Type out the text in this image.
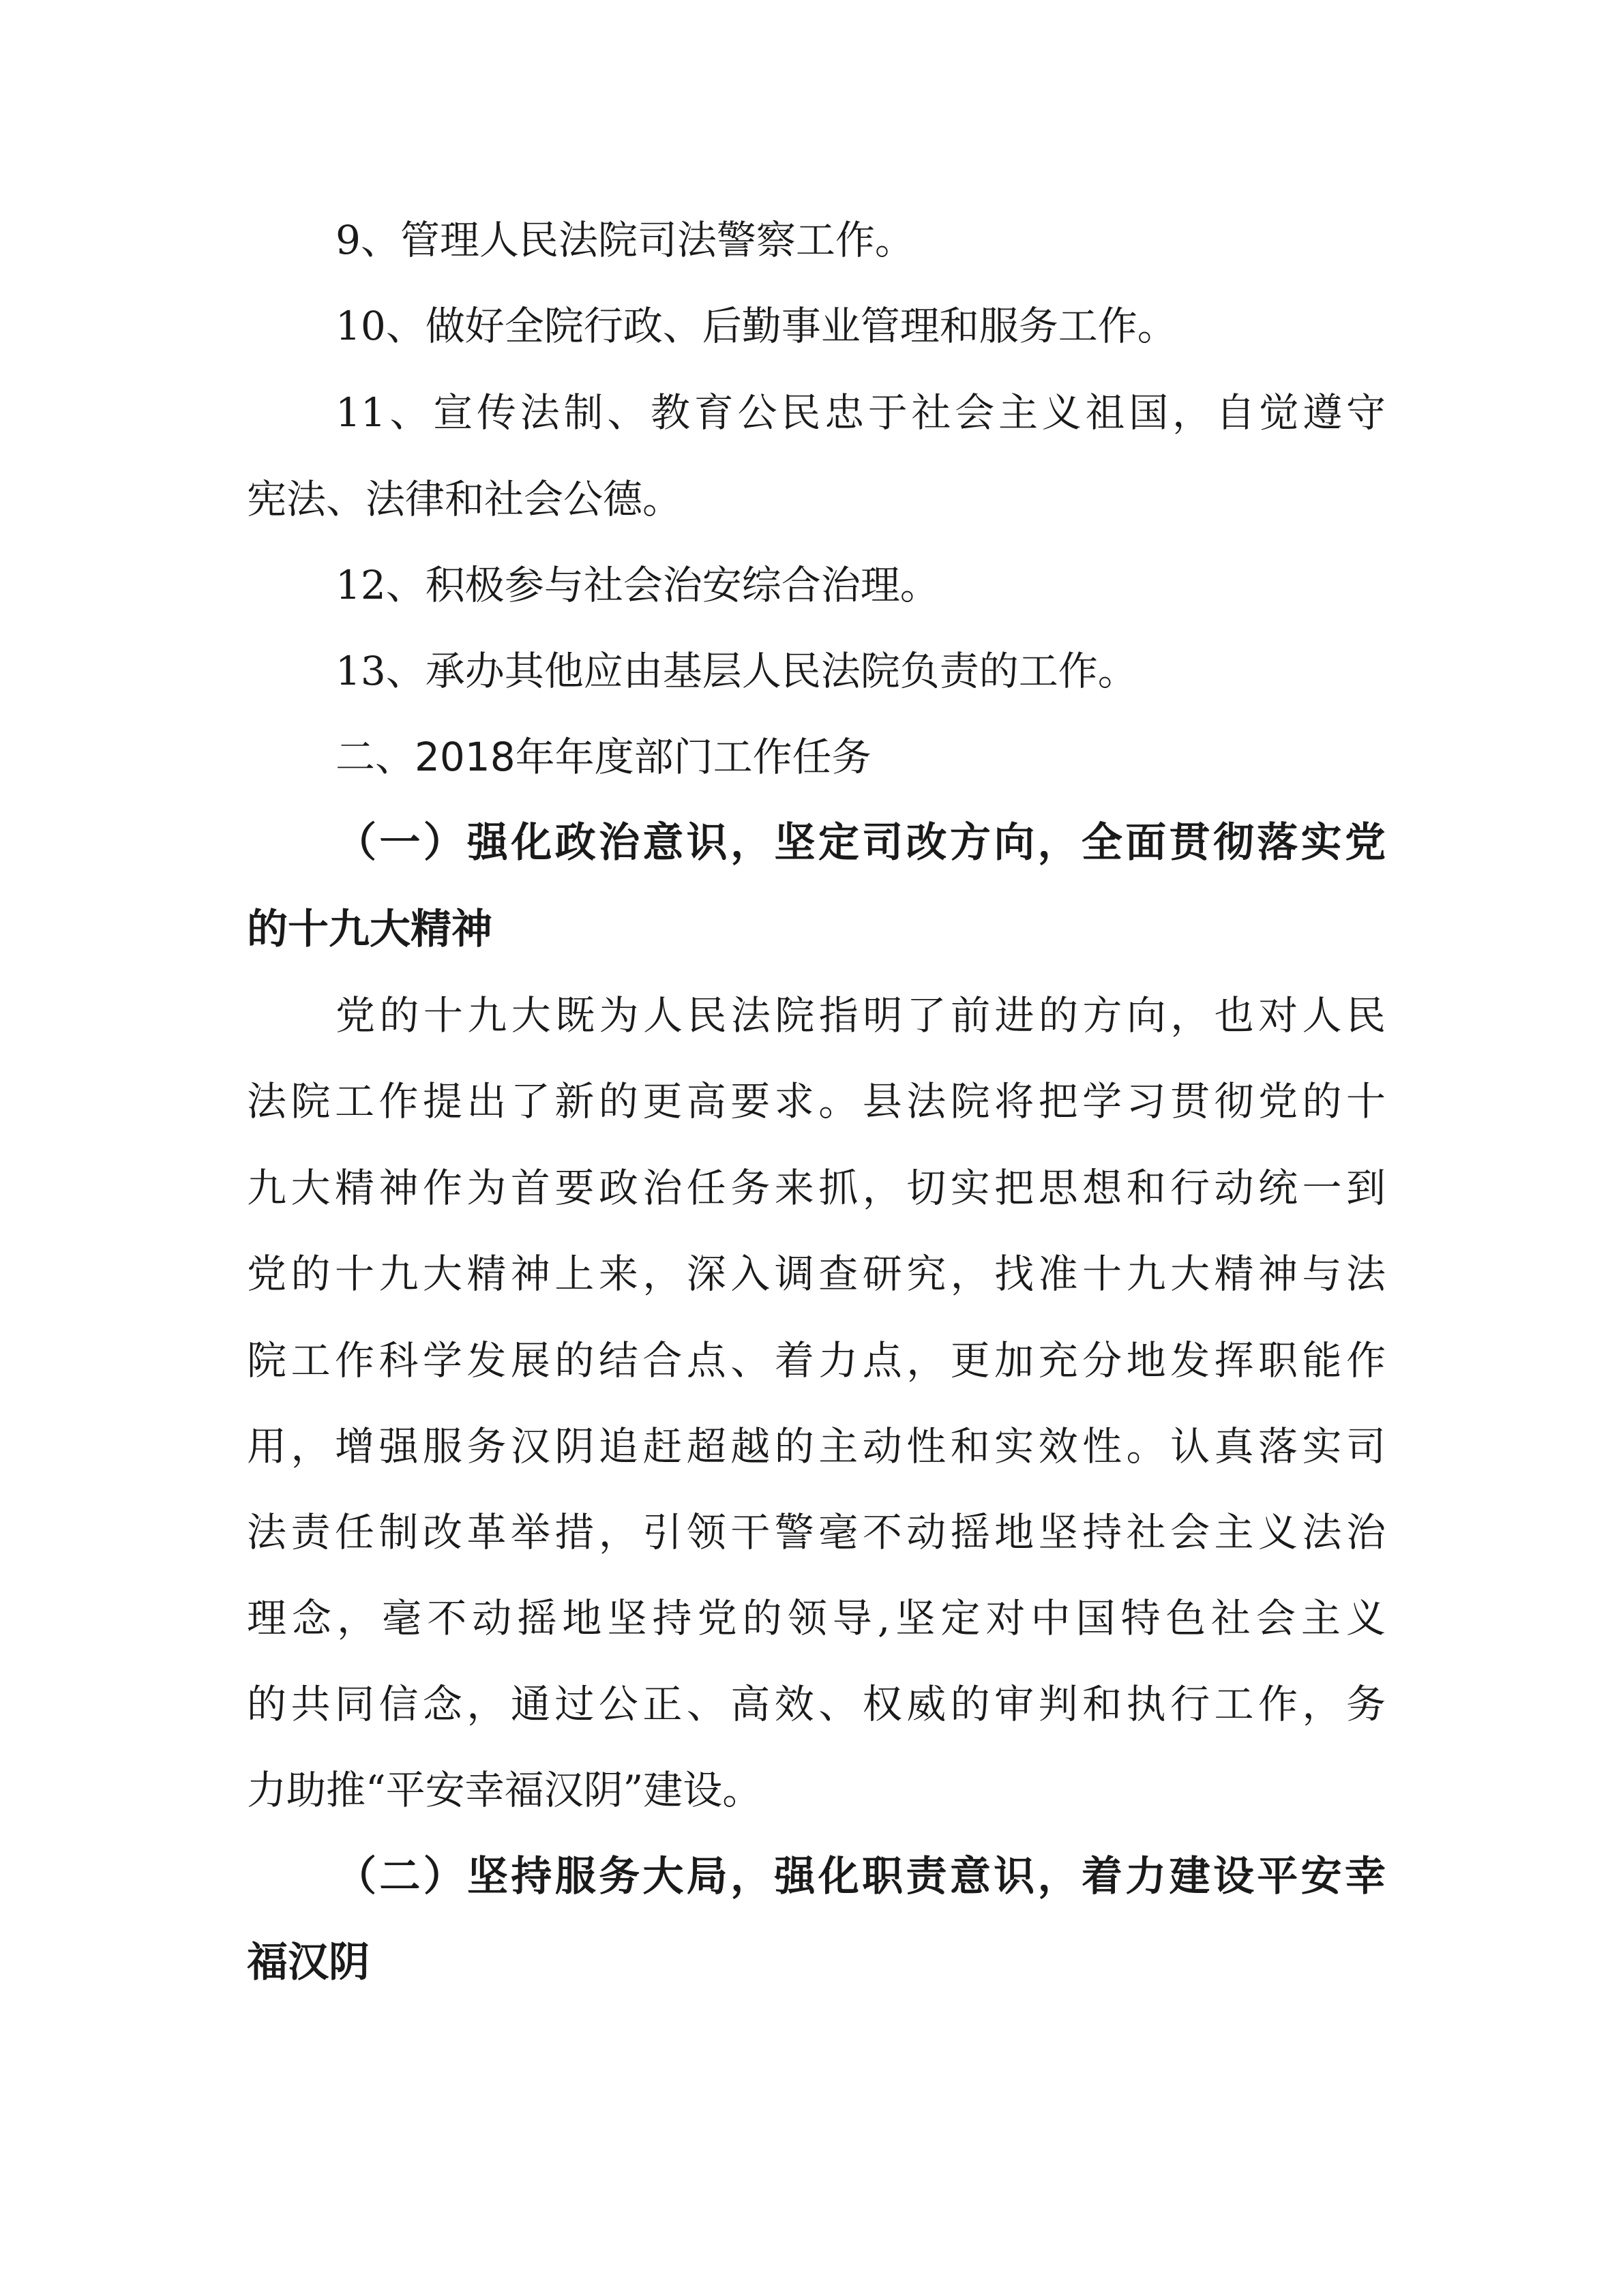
9、管理人民法院司法警察工作。

10、做好全院行政、后勤事业管理和服务工作。

11、宣传法制、教育公民忠于社会主义祖国，自觉遵守

宪法、法律和社会公德。

12、积极参与社会治安综合治理。

13、承办其他应由基层人民法院负责的工作。

二、2018年年度部门工作任务

（一）强化政治意识，坚定司改方向，全面贯彻落实党

的十九大精神

党的十九大既为人民法院指明了前进的方向，也对人民

法院工作提出了新的更高要求。县法院将把学习贯彻党的十

九大精神作为首要政治任务来抓，切实把思想和行动统一到

党的十九大精神上来，深入调查研究，找准十九大精神与法

院工作科学发展的结合点、着力点，更加充分地发挥职能作

用，增强服务汉阴追赶超越的主动性和实效性。认真落实司

法责任制改革举措，引领干警毫不动摇地坚持社会主义法治

理念，毫不动摇地坚持党的领导,坚定对中国特色社会主义

的共同信念，通过公正、高效、权威的审判和执行工作，务

力助推“平安幸福汉阴”建设。

（二）坚持服务大局，强化职责意识，着力建设平安幸

福汉阴
